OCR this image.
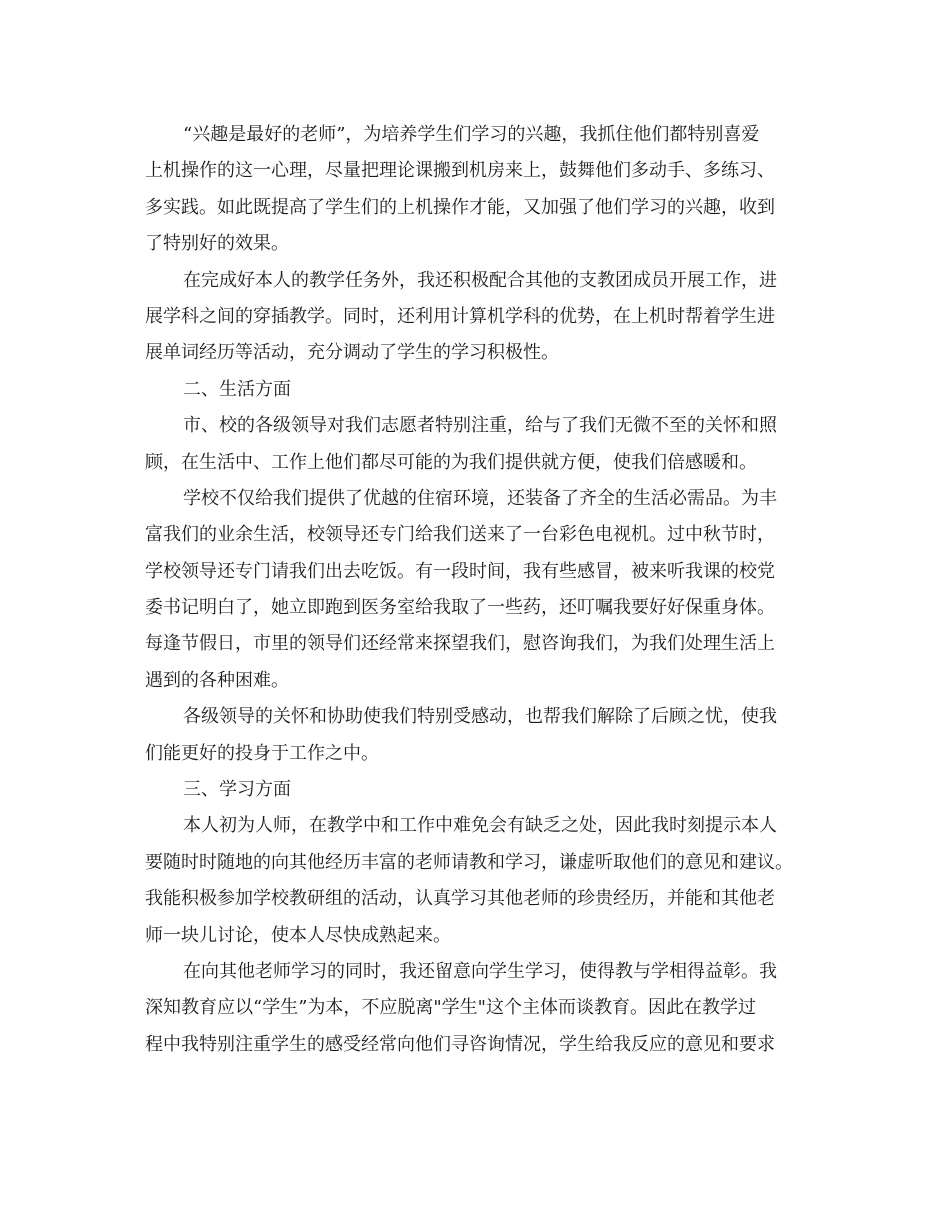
“兴趣是最好的老师”，为培养学生们学习的兴趣，我抓住他们都特别喜爱
上机操作的这一心理，尽量把理论课搬到机房来上，鼓舞他们多动手、多练习、
多实践。如此既提高了学生们的上机操作才能，又加强了他们学习的兴趣，收到
了特别好的效果。
在完成好本人的教学任务外，我还积极配合其他的支教团成员开展工作，进
展学科之间的穿插教学。同时，还利用计算机学科的优势，在上机时帮着学生进
展单词经历等活动，充分调动了学生的学习积极性。
二、生活方面
市、校的各级领导对我们志愿者特别注重，给与了我们无微不至的关怀和照
顾，在生活中、工作上他们都尽可能的为我们提供就方便，使我们倍感暖和。
学校不仅给我们提供了优越的住宿环境，还装备了齐全的生活必需品。为丰
富我们的业余生活，校领导还专门给我们送来了一台彩色电视机。过中秋节时，
学校领导还专门请我们出去吃饭。有一段时间，我有些感冒，被来听我课的校党
委书记明白了，她立即跑到医务室给我取了一些药，还叮嘱我要好好保重身体。
每逢节假日，市里的领导们还经常来探望我们，慰咨询我们，为我们处理生活上
遇到的各种困难。
各级领导的关怀和协助使我们特别受感动，也帮我们解除了后顾之忧，使我
们能更好的投身于工作之中。
三、学习方面
本人初为人师，在教学中和工作中难免会有缺乏之处，因此我时刻提示本人
要随时时随地的向其他经历丰富的老师请教和学习，谦虚听取他们的意见和建议。
我能积极参加学校教研组的活动，认真学习其他老师的珍贵经历，并能和其他老
师一块儿讨论，使本人尽快成熟起来。
在向其他老师学习的同时，我还留意向学生学习，使得教与学相得益彰。我
深知教育应以“学生”为本，不应脱离"学生"这个主体而谈教育。因此在教学过
程中我特别注重学生的感受经常向他们寻咨询情况，学生给我反应的意见和要求
